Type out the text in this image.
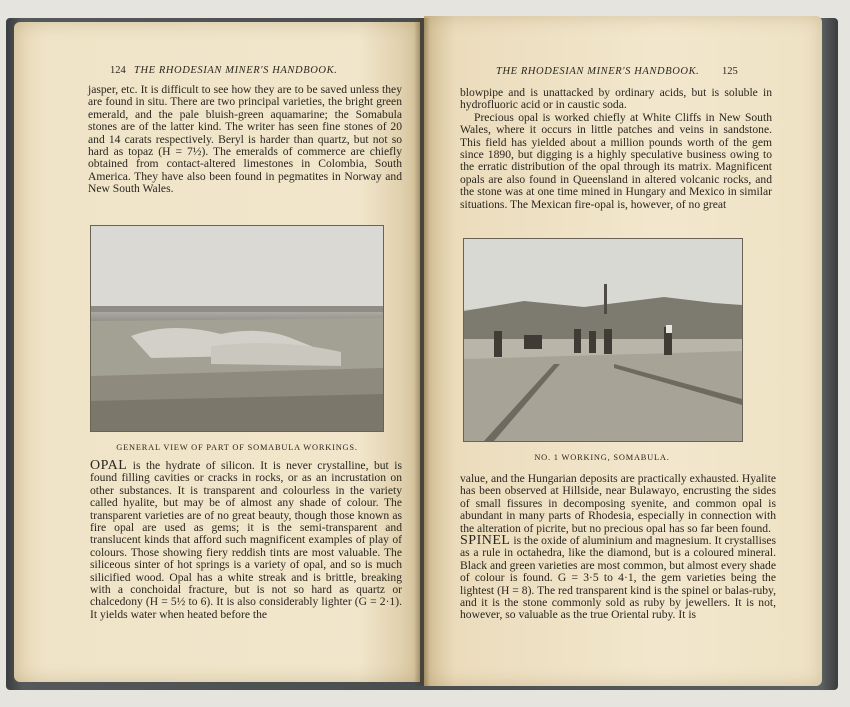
124 THE RHODESIAN MINER'S HANDBOOK.

jasper, etc. It is difficult to see how they are to be saved unless they are found in situ. There are two principal varieties, the bright green emerald, and the pale bluish-green aquamarine; the Somabula stones are of the latter kind. The writer has seen fine stones of 20 and 14 carats respectively. Beryl is harder than quartz, but not so hard as topaz (H = 7½). The emeralds of commerce are chiefly obtained from contact-altered limestones in Colombia, South America. They have also been found in pegmatites in Norway and New South Wales.

GENERAL VIEW OF PART OF SOMABULA WORKINGS.

OPAL is the hydrate of silicon. It is never crystalline, but is found filling cavities or cracks in rocks, or as an incrustation on other substances. It is transparent and colourless in the variety called hyalite, but may be of almost any shade of colour. The transparent varieties are of no great beauty, though those known as fire opal are used as gems; it is the semi-transparent and translucent kinds that afford such magnificent examples of play of colours. Those showing fiery reddish tints are most valuable. The siliceous sinter of hot springs is a variety of opal, and so is much silicified wood. Opal has a white streak and is brittle, breaking with a conchoidal fracture, but is not so hard as quartz or chalcedony (H = 5½ to 6). It is also considerably lighter (G = 2·1). It yields water when heated before the

THE RHODESIAN MINER'S HANDBOOK. 125

blowpipe and is unattacked by ordinary acids, but is soluble in hydrofluoric acid or in caustic soda.

Precious opal is worked chiefly at White Cliffs in New South Wales, where it occurs in little patches and veins in sandstone. This field has yielded about a million pounds worth of the gem since 1890, but digging is a highly speculative business owing to the erratic distribution of the opal through its matrix. Magnificent opals are also found in Queensland in altered volcanic rocks, and the stone was at one time mined in Hungary and Mexico in similar situations. The Mexican fire-opal is, however, of no great

NO. 1 WORKING, SOMABULA.

value, and the Hungarian deposits are practically exhausted. Hyalite has been observed at Hillside, near Bulawayo, encrusting the sides of small fissures in decomposing syenite, and common opal is abundant in many parts of Rhodesia, especially in connection with the alteration of picrite, but no precious opal has so far been found.

SPINEL is the oxide of aluminium and magnesium. It crystallises as a rule in octahedra, like the diamond, but is a coloured mineral. Black and green varieties are most common, but almost every shade of colour is found. G = 3·5 to 4·1, the gem varieties being the lightest (H = 8). The red transparent kind is the spinel or balas-ruby, and it is the stone commonly sold as ruby by jewellers. It is not, however, so valuable as the true Oriental ruby. It is
